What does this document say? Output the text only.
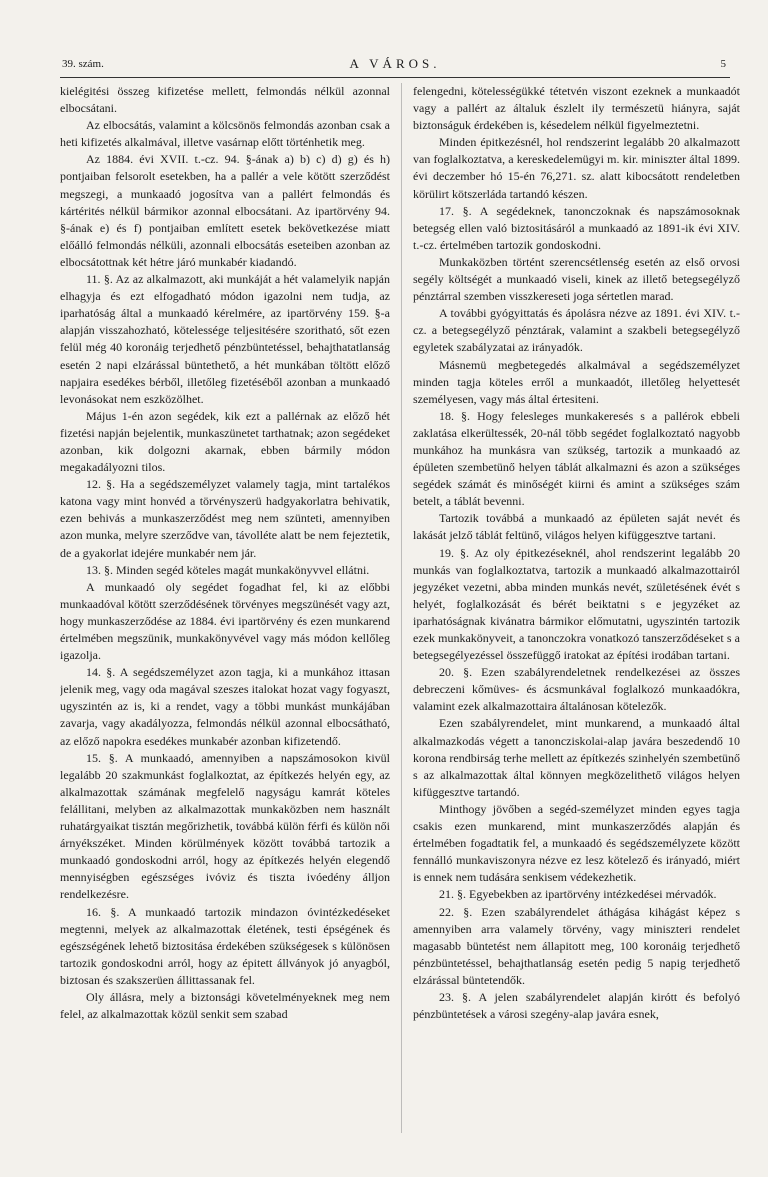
39. szám.	A VÁROS.	5

kielégitési összeg kifizetése mellett, felmondás nélkül azonnal elbocsátani.

Az elbocsátás, valamint a kölcsönös felmondás azonban csak a heti kifizetés alkalmával, illetve vasárnap előtt történhetik meg.

Az 1884. évi XVII. t.-cz. 94. §-ának a) b) c) d) g) és h) pontjaiban felsorolt esetekben, ha a pallér a vele kötött szerződést megszegi, a munkaadó jogosítva van a pallért felmondás és kártérités nélkül bármikor azonnal elbocsátani. Az ipartörvény 94. §-ának e) és f) pontjaiban említett esetek bekövetkezése miatt előálló felmondás nélküli, azonnali elbocsátás eseteiben azonban az elbocsátottnak két hétre járó munkabér kiadandó.

11. §. Az az alkalmazott, aki munkáját a hét valamelyik napján elhagyja és ezt elfogadható módon igazolni nem tudja, az iparhatóság által a munkaadó kérelmére, az ipartörvény 159. §-a alapján visszahozható, kötelessége teljesitésére szoritható, sőt ezen felül még 40 koronáig terjedhető pénzbüntetéssel, behajthatatlanság esetén 2 napi elzárással büntethető, a hét munkában töltött előző napjaira esedékes bérből, illetőleg fizetéséből azonban a munkaadó levonásokat nem eszközölhet.

Május 1-én azon segédek, kik ezt a pallérnak az előző hét fizetési napján bejelentik, munkaszünetet tarthatnak; azon segédeket azonban, kik dolgozni akarnak, ebben bármily módon megakadályozni tilos.

12. §. Ha a segédszemélyzet valamely tagja, mint tartalékos katona vagy mint honvéd a törvényszerü hadgyakorlatra behivatik, ezen behivás a munkaszerződést meg nem szünteti, amennyiben azon munka, melyre szerződve van, távolléte alatt be nem fejeztetik, de a gyakorlat idejére munkabér nem jár.

13. §. Minden segéd köteles magát munkakönyvvel ellátni.

A munkaadó oly segédet fogadhat fel, ki az előbbi munkaadóval kötött szerződésének törvényes megszünését vagy azt, hogy munkaszerződése az 1884. évi ipartörvény és ezen munkarend értelmében megszünik, munkakönyvével vagy más módon kellőleg igazolja.

14. §. A segédszemélyzet azon tagja, ki a munkához ittasan jelenik meg, vagy oda magával szeszes italokat hozat vagy fogyaszt, ugyszintén az is, ki a rendet, vagy a többi munkást munkájában zavarja, vagy akadályozza, felmondás nélkül azonnal elbocsátható, az előző napokra esedékes munkabér azonban kifizetendő.

15. §. A munkaadó, amennyiben a napszámosokon kivül legalább 20 szakmunkást foglalkoztat, az építkezés helyén egy, az alkalmazottak számának megfelelő nagyságu kamrát köteles felállitani, melyben az alkalmazottak munkaközben nem használt ruhatárgyaikat tisztán megőrizhetik, továbbá külön férfi és külön női árnyékszéket. Minden körülmények között továbbá tartozik a munkaadó gondoskodni arról, hogy az építkezés helyén elegendő mennyiségben egészséges ivóviz és tiszta ivóedény álljon rendelkezésre.

16. §. A munkaadó tartozik mindazon óvintézkedéseket megtenni, melyek az alkalmazottak életének, testi épségének és egészségének lehető biztositása érdekében szükségesek s különösen tartozik gondoskodni arról, hogy az épitett állványok jó anyagból, biztosan és szakszerüen állittassanak fel.

Oly állásra, mely a biztonsági követelményeknek meg nem felel, az alkalmazottak közül senkit sem szabad

felengedni, kötelességükké tétetvén viszont ezeknek a munkaadót vagy a pallért az általuk észlelt ily természetü hiányra, saját biztonságuk érdekében is, késedelem nélkül figyelmeztetni.

Minden épitkezésnél, hol rendszerint legalább 20 alkalmazott van foglalkoztatva, a kereskedelemügyi m. kir. miniszter által 1899. évi deczember hó 15-én 76,271. sz. alatt kibocsátott rendeletben körülirt kötszerláda tartandó készen.

17. §. A segédeknek, tanonczoknak és napszámosoknak betegség ellen való biztositásáról a munkaadó az 1891-ik évi XIV. t.-cz. értelmében tartozik gondoskodni.

Munkaközben történt szerencsétlenség esetén az első orvosi segély költségét a munkaadó viseli, kinek az illető betegsegélyző pénztárral szemben visszkereseti joga sértetlen marad.

A további gyógyittatás és ápolásra nézve az 1891. évi XIV. t.-cz. a betegsegélyző pénztárak, valamint a szakbeli betegsegélyző egyletek szabályzatai az irányadók.

Másnemü megbetegedés alkalmával a segédszemélyzet minden tagja köteles erről a munkaadót, illetőleg helyettesét személyesen, vagy más által értesiteni.

18. §. Hogy felesleges munkakeresés s a pallérok ebbeli zaklatása elkerültessék, 20-nál több segédet foglalkoztató nagyobb munkához ha munkásra van szükség, tartozik a munkaadó az épületen szembetünő helyen táblát alkalmazni és azon a szükséges segédek számát és minőségét kiirni és amint a szükséges szám betelt, a táblát bevenni.

Tartozik továbbá a munkaadó az épületen saját nevét és lakását jelző táblát feltünő, világos helyen kifüggesztve tartani.

19. §. Az oly épitkezéseknél, ahol rendszerint legalább 20 munkás van foglalkoztatva, tartozik a munkaadó alkalmazottairól jegyzéket vezetni, abba minden munkás nevét, születésének évét s helyét, foglalkozását és bérét beiktatni s e jegyzéket az iparhatóságnak kivánatra bármikor előmutatni, ugyszintén tartozik ezek munkakönyveit, a tanonczokra vonatkozó tanszerződéseket s a betegsegélyezéssel összefüggő iratokat az építési irodában tartani.

20. §. Ezen szabályrendeletnek rendelkezései az összes debreczeni kőmüves- és ácsmunkával foglalkozó munkaadókra, valamint ezek alkalmazottaira általánosan kötelezők.

Ezen szabályrendelet, mint munkarend, a munkaadó által alkalmazkodás végett a tanoncziskolai-alap javára beszedendő 10 korona rendbirság terhe mellett az építkezés szinhelyén szembetünő s az alkalmazottak által könnyen megközelithető világos helyen kifüggesztve tartandó.

Minthogy jövőben a segéd-személyzet minden egyes tagja csakis ezen munkarend, mint munkaszerződés alapján és értelmében fogadtatik fel, a munkaadó és segédszemélyzete között fennálló munkaviszonyra nézve ez lesz kötelező és irányadó, miért is ennek nem tudására senkisem védekezhetik.

21. §. Egyebekben az ipartörvény intézkedései mérvadók.

22. §. Ezen szabályrendelet áthágása kihágást képez s amennyiben arra valamely törvény, vagy miniszteri rendelet magasabb büntetést nem állapitott meg, 100 koronáig terjedhető pénzbüntetéssel, behajthatlanság esetén pedig 5 napig terjedhető elzárással büntetendők.

23. §. A jelen szabályrendelet alapján kirótt és befolyó pénzbüntetések a városi szegény-alap javára esnek,
